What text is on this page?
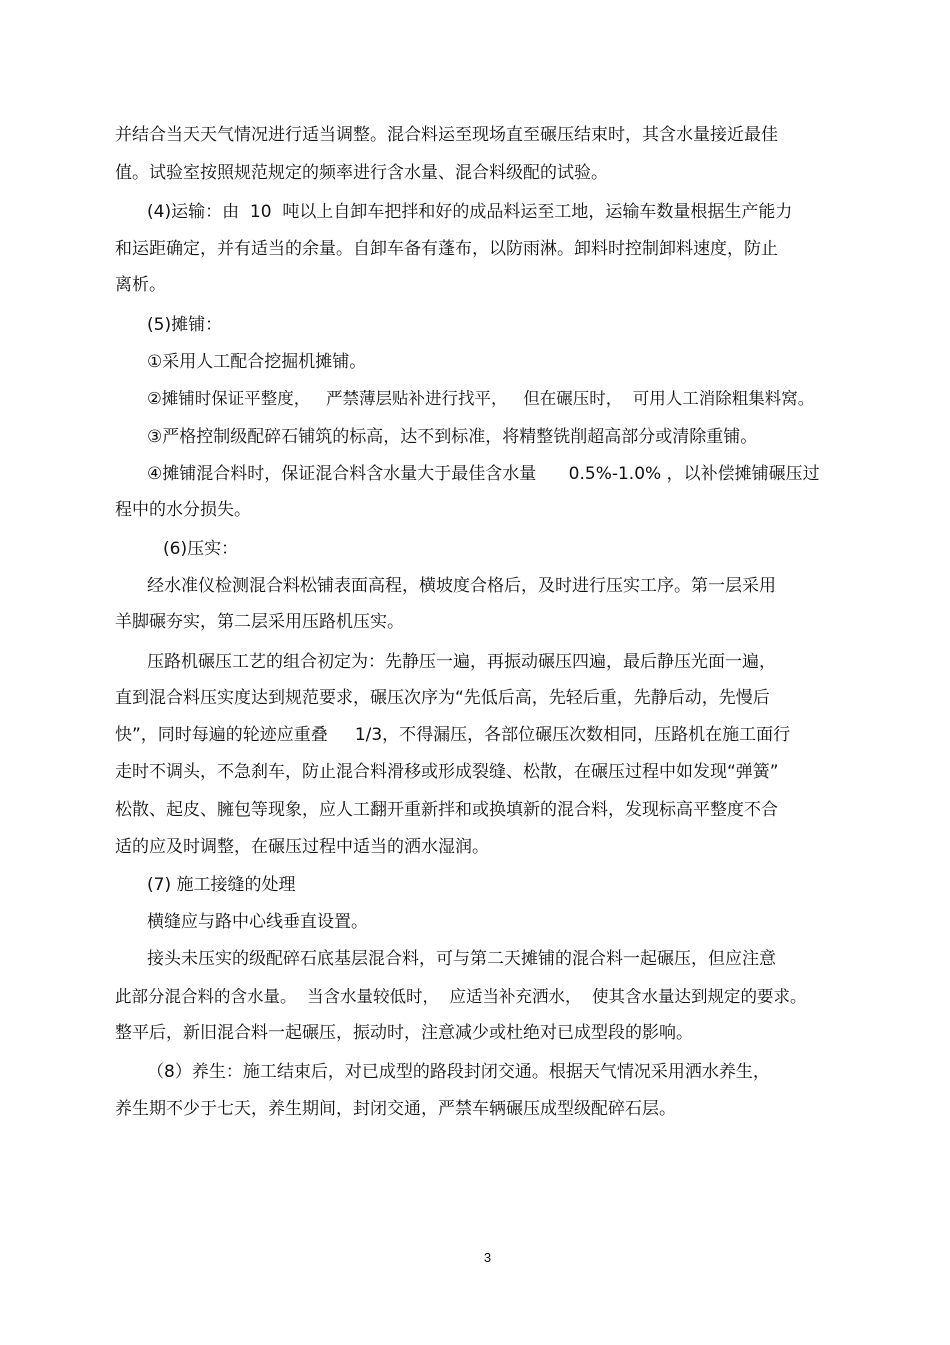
并结合当天天气情况进行适当调整。混合料运至现场直至碾压结束时，其含水量接近最佳

值。试验室按照规范规定的频率进行含水量、混合料级配的试验。

(4)运输：由  10  吨以上自卸车把拌和好的成品料运至工地，运输车数量根据生产能力

和运距确定，并有适当的余量。自卸车备有蓬布，以防雨淋。卸料时控制卸料速度，防止

离析。

(5)摊铺：

①采用人工配合挖掘机摊铺。

②摊铺时保证平整度，   严禁薄层贴补进行找平，   但在碾压时，  可用人工消除粗集料窝。

③严格控制级配碎石铺筑的标高，达不到标准，将精整铣削超高部分或清除重铺。

④摊铺混合料时，保证混合料含水量大于最佳含水量      0.5%-1.0% ，以补偿摊铺碾压过

程中的水分损失。

(6)压实：

经水准仪检测混合料松铺表面高程，横坡度合格后，及时进行压实工序。第一层采用

羊脚碾夯实，第二层采用压路机压实。

压路机碾压工艺的组合初定为：先静压一遍，再振动碾压四遍，最后静压光面一遍，

直到混合料压实度达到规范要求，碾压次序为“先低后高，先轻后重，先静后动，先慢后

快”，同时每遍的轮迹应重叠     1/3，不得漏压，各部位碾压次数相同，压路机在施工面行

走时不调头，不急刹车，防止混合料滑移或形成裂缝、松散，在碾压过程中如发现“弹簧”

松散、起皮、臃包等现象，应人工翻开重新拌和或换填新的混合料，发现标高平整度不合

适的应及时调整，在碾压过程中适当的洒水湿润。

(7) 施工接缝的处理

横缝应与路中心线垂直设置。

接头未压实的级配碎石底基层混合料，可与第二天摊铺的混合料一起碾压，但应注意

此部分混合料的含水量。  当含水量较低时，  应适当补充洒水，  使其含水量达到规定的要求。

整平后，新旧混合料一起碾压，振动时，注意减少或杜绝对已成型段的影响。

（8）养生：施工结束后，对已成型的路段封闭交通。根据天气情况采用洒水养生，

养生期不少于七天，养生期间，封闭交通，严禁车辆碾压成型级配碎石层。

3
